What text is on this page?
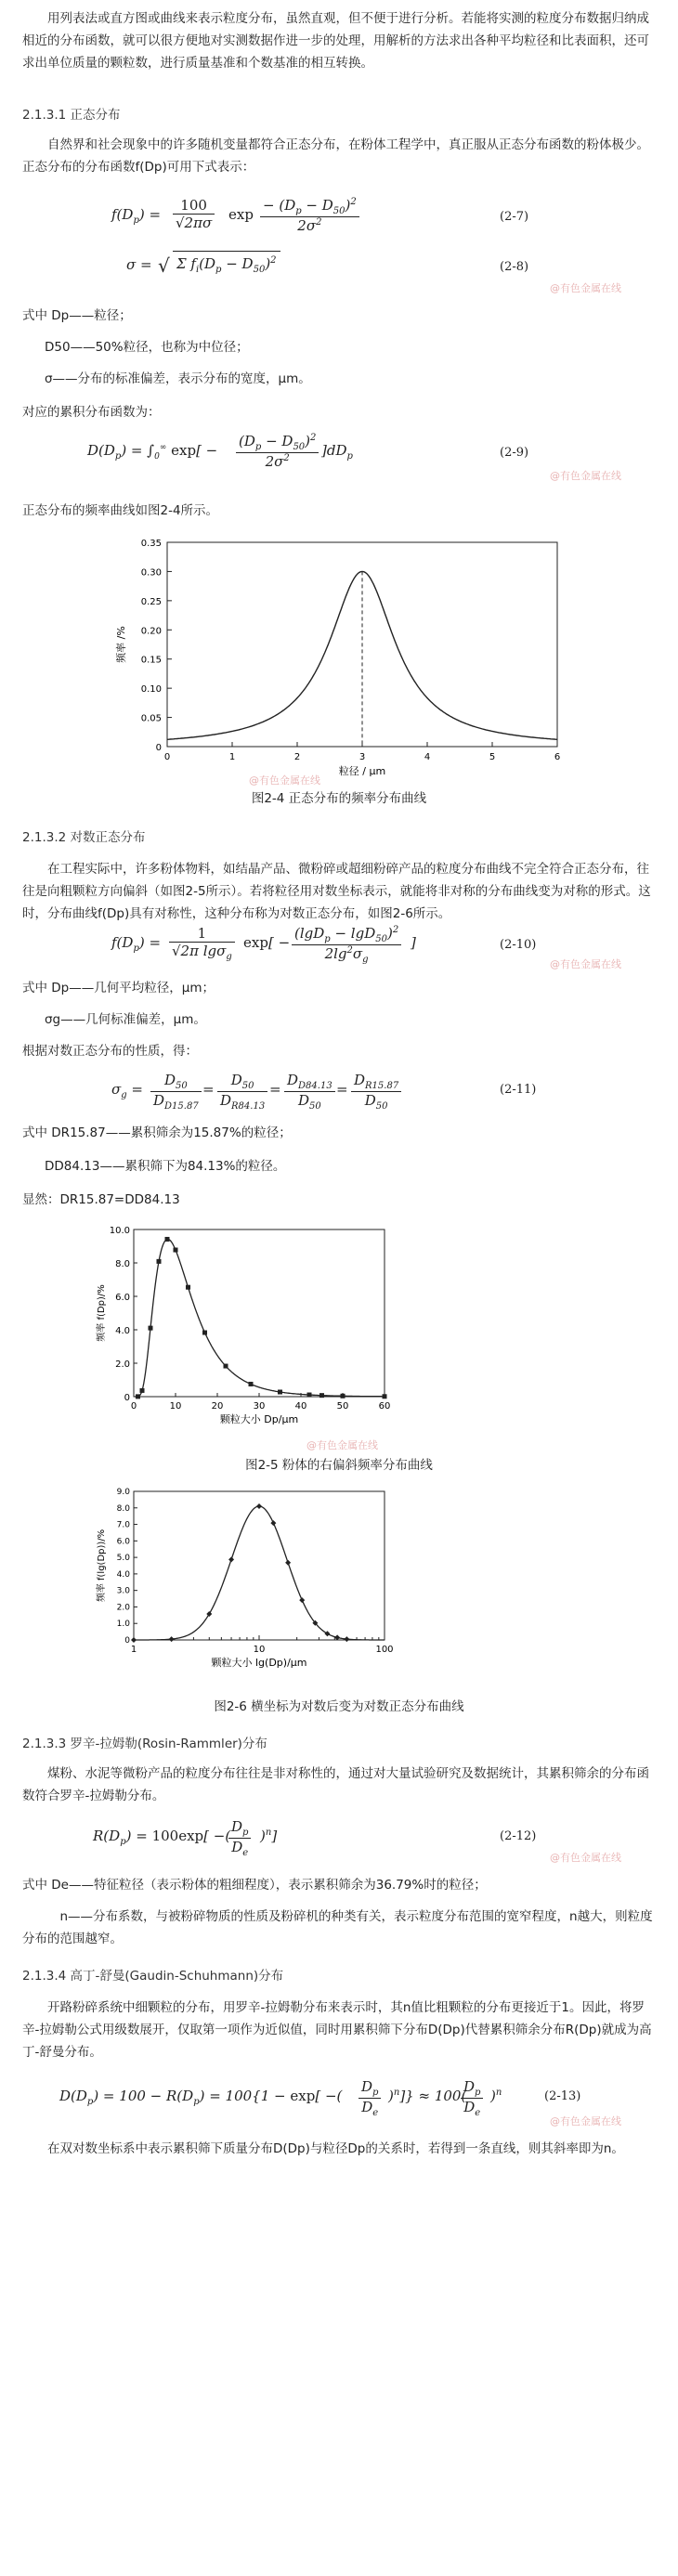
用列表法或直方图或曲线来表示粒度分布，虽然直观，但不便于进行分析。若能将实测的粒度分布数据归纳成相近的分布函数，就可以很方便地对实测数据作进一步的处理，用解析的方法求出各种平均粒径和比表面积，还可求出单位质量的颗粒数，进行质量基准和个数基准的相互转换。

2.1.3.1 正态分布

自然界和社会现象中的许多随机变量都符合正态分布，在粉体工程学中，真正服从正态分布函数的粉体极少。正态分布的分布函数f(Dp)可用下式表示：

$f(D_p) = \frac{100}{√2\pi\sigma}$ $\exp \frac{- (D_p - D_{50})^2}{2\sigma^2}$	(2-7)
σ = √ Σ $f_i(D_p - D_{50})^2$	(2-8)
@有色金属在线
式中 Dp——粒径；
D50——50%粒径，也称为中位径；
σ——分布的标准偏差，表示分布的宽度，μm。
对应的累积分布函数为：
$D(D_p) = \int_0^\infty$ $\exp[ - \frac{(D_p - D_{50})^2}{2\sigma^2} ]dD_p$	(2-9)
@有色金属在线
正态分布的频率曲线如图2-4所示。
0
0.05
0.10
0.15
0.20
0.25
0.30
0.35
0	1	2	3	4	5	6
频率 /%
粒径 / μm
图2-4 正态分布的频率分布曲线
2.1.3.2 对数正态分布

在工程实际中，许多粉体物料，如结晶产品、微粉碎或超细粉碎产品的粒度分布曲线不完全符合正态分布，往往是向粗颗粒方向偏斜（如图2-5所示）。若将粒径用对数坐标表示，就能将非对称的分布曲线变为对称的形式。这时，分布曲线f(Dp)具有对称性，这种分布称为对数正态分布，如图2-6所示。

$f(D_p) = \frac{1}{√2\pi \lg\sigma_g} \exp[ - \frac{(\lg D_p - \lg D_{50})^2}{2\lg^2\sigma_g}$ ]	(2-10)
@有色金属在线
式中 Dp——几何平均粒径，μm；
σg——几何标准偏差，μm。
根据对数正态分布的性质，得：
$\sigma_g = \frac{D_{50}}{D_{D15.87}} = \frac{D_{50}}{D_{R84.13}} = \frac{D_{D84.13}}{D_{50}} = \frac{D_{R15.87}}{D_{50}}$	(2-11)
式中 DR15.87——累积筛余为15.87%的粒径；
DD84.13——累积筛下为84.13%的粒径。
显然：DR15.87=DD84.13
0
2.0
4.0
6.0
8.0
10.0
0	10	20	30	40	50	60
频率 f(Dp)/%
颗粒大小 Dp/μm
图2-5 粉体的右偏斜频率分布曲线
0
1.0
2.0
3.0
4.0
5.0
6.0
7.0
8.0
9.0
1	10	100
频率 f(lg(Dp))/%
颗粒大小 lg(Dp)/μm
图2-6 横坐标为对数后变为对数正态分布曲线
2.1.3.3 罗辛-拉姆勒(Rosin-Rammler)分布

煤粉、水泥等微粉产品的粒度分布往往是非对称性的，通过对大量试验研究及数据统计，其累积筛余的分布函数符合罗辛-拉姆勒分布。

$R(D_p) = 100\exp$[ −(
$\frac{D_p}{D_e} )^n$]	(2-12)
@有色金属在线
式中 De——特征粒径（表示粉体的粗细程度），表示累积筛余为36.79%时的粒径；

n——分布系数，与被粉碎物质的性质及粉碎机的种类有关，表示粒度分布范围的宽窄程度，n越大，则粒度分布的范围越窄。

2.1.3.4 高丁-舒曼(Gaudin-Schuhmann)分布

开路粉碎系统中细颗粒的分布，用罗辛-拉姆勒分布来表示时，其n值比粗颗粒的分布更接近于1。因此，将罗辛-拉姆勒公式用级数展开，仅取第一项作为近似值，同时用累积筛下分布D(Dp)代替累积筛余分布R(Dp)就成为高丁-舒曼分布。

$D(D_p) = 100 - R(D_p) = 100\{1 - \exp$[ −( $\frac{D_p}{D_e} )^n]\} \approx 100$(
$\frac{D_p}{D_e} )^n$	(2-13)
@有色金属在线

在双对数坐标系中表示累积筛下质量分布D(Dp)与粒径Dp的关系时，若得到一条直线，则其斜率即为n。

@有色金属在线
@有色金属在线
